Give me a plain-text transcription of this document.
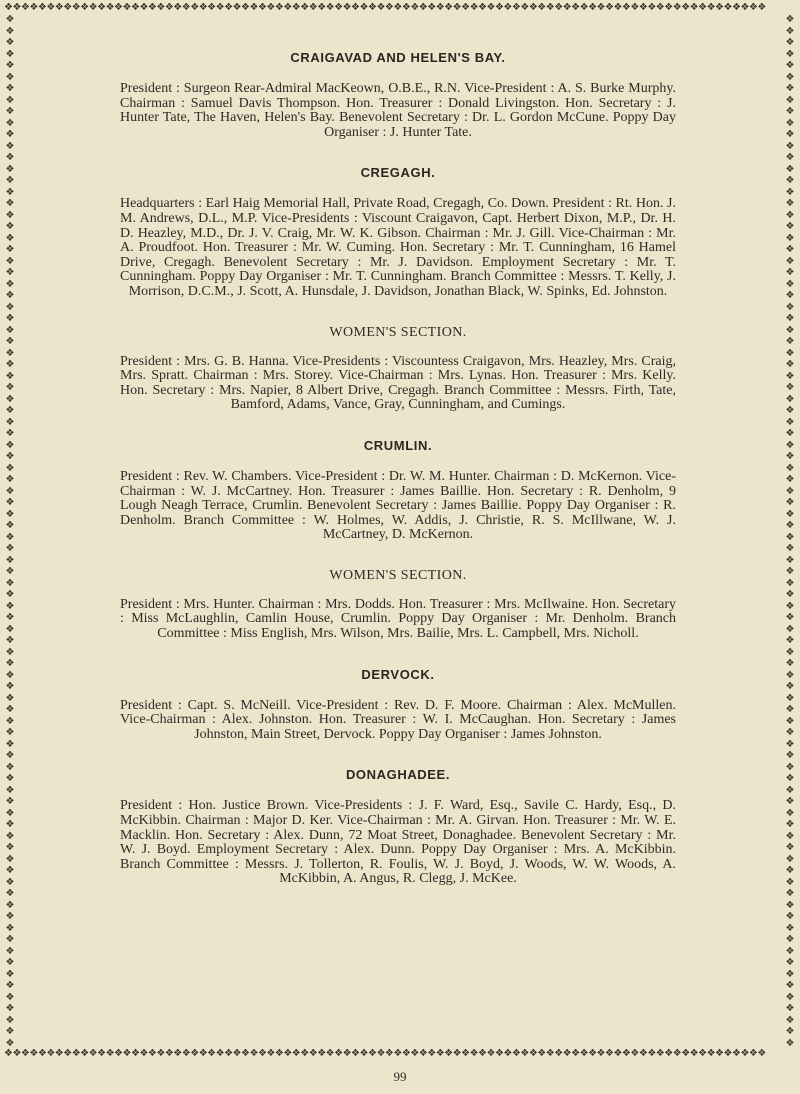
❖❖❖❖❖❖❖❖❖❖❖❖❖❖❖❖❖❖❖❖❖❖❖❖❖❖❖❖❖❖❖❖❖❖❖❖❖❖❖❖❖❖❖❖❖❖❖❖❖❖❖❖❖❖❖❖❖❖❖❖❖❖❖❖❖❖❖❖❖❖❖❖❖❖❖❖❖❖❖❖❖❖❖❖❖❖❖❖❖❖
❖❖❖❖❖❖❖❖❖❖❖❖❖❖❖❖❖❖❖❖❖❖❖❖❖❖❖❖❖❖❖❖❖❖❖❖❖❖❖❖❖❖❖❖❖❖❖❖❖❖❖❖❖❖❖❖❖❖❖❖❖❖❖❖❖❖❖❖❖❖❖❖❖❖❖❖❖❖❖❖❖❖❖❖❖❖❖❖❖❖
❖❖❖❖❖❖❖❖❖❖❖❖❖❖❖❖❖❖❖❖❖❖❖❖❖❖❖❖❖❖❖❖❖❖❖❖❖❖❖❖❖❖❖❖❖❖❖❖❖❖❖❖❖❖❖❖❖❖❖❖❖❖❖❖❖❖❖❖❖❖❖❖❖❖❖❖❖❖❖❖❖❖❖❖❖❖❖❖❖❖
❖❖❖❖❖❖❖❖❖❖❖❖❖❖❖❖❖❖❖❖❖❖❖❖❖❖❖❖❖❖❖❖❖❖❖❖❖❖❖❖❖❖❖❖❖❖❖❖❖❖❖❖❖❖❖❖❖❖❖❖❖❖❖❖❖❖❖❖❖❖❖❖❖❖❖❖❖❖❖❖❖❖❖❖❖❖❖❖❖❖
CRAIGAVAD AND HELEN'S BAY.

President : Surgeon Rear-Admiral MacKeown, O.B.E., R.N. Vice-President : A. S. Burke Murphy. Chairman : Samuel Davis Thompson. Hon. Treasurer : Donald Livingston. Hon. Secretary : J. Hunter Tate, The Haven, Helen's Bay. Benevolent Secretary : Dr. L. Gordon McCune. Poppy Day Organiser : J. Hunter Tate.

CREGAGH.

Headquarters : Earl Haig Memorial Hall, Private Road, Cregagh, Co. Down. President : Rt. Hon. J. M. Andrews, D.L., M.P. Vice-Presidents : Viscount Craigavon, Capt. Herbert Dixon, M.P., Dr. H. D. Heazley, M.D., Dr. J. V. Craig, Mr. W. K. Gibson. Chairman : Mr. J. Gill. Vice-Chairman : Mr. A. Proudfoot. Hon. Treasurer : Mr. W. Cuming. Hon. Secretary : Mr. T. Cunningham, 16 Hamel Drive, Cregagh. Benevolent Secretary : Mr. J. Davidson. Employment Secretary : Mr. T. Cunningham. Poppy Day Organiser : Mr. T. Cunningham. Branch Committee : Messrs. T. Kelly, J. Morrison, D.C.M., J. Scott, A. Hunsdale, J. Davidson, Jonathan Black, W. Spinks, Ed. Johnston.

WOMEN'S SECTION.

President : Mrs. G. B. Hanna. Vice-Presidents : Viscountess Craigavon, Mrs. Heazley, Mrs. Craig, Mrs. Spratt. Chairman : Mrs. Storey. Vice-Chairman : Mrs. Lynas. Hon. Treasurer : Mrs. Kelly. Hon. Secretary : Mrs. Napier, 8 Albert Drive, Cregagh. Branch Committee : Messrs. Firth, Tate, Bamford, Adams, Vance, Gray, Cunningham, and Cumings.

CRUMLIN.

President : Rev. W. Chambers. Vice-President : Dr. W. M. Hunter. Chairman : D. McKernon. Vice-Chairman : W. J. McCartney. Hon. Treasurer : James Baillie. Hon. Secretary : R. Denholm, 9 Lough Neagh Terrace, Crumlin. Benevolent Secretary : James Baillie. Poppy Day Organiser : R. Denholm. Branch Committee : W. Holmes, W. Addis, J. Christie, R. S. McIllwane, W. J. McCartney, D. McKernon.

WOMEN'S SECTION.

President : Mrs. Hunter. Chairman : Mrs. Dodds. Hon. Treasurer : Mrs. McIlwaine. Hon. Secretary : Miss McLaughlin, Camlin House, Crumlin. Poppy Day Organiser : Mr. Denholm. Branch Committee : Miss English, Mrs. Wilson, Mrs. Bailie, Mrs. L. Campbell, Mrs. Nicholl.

DERVOCK.

President : Capt. S. McNeill. Vice-President : Rev. D. F. Moore. Chairman : Alex. McMullen. Vice-Chairman : Alex. Johnston. Hon. Treasurer : W. I. McCaughan. Hon. Secretary : James Johnston, Main Street, Dervock. Poppy Day Organiser : James Johnston.

DONAGHADEE.

President : Hon. Justice Brown. Vice-Presidents : J. F. Ward, Esq., Savile C. Hardy, Esq., D. McKibbin. Chairman : Major D. Ker. Vice-Chairman : Mr. A. Girvan. Hon. Treasurer : Mr. W. E. Macklin. Hon. Secretary : Alex. Dunn, 72 Moat Street, Donaghadee. Benevolent Secretary : Mr. W. J. Boyd. Employment Secretary : Alex. Dunn. Poppy Day Organiser : Mrs. A. McKibbin. Branch Committee : Messrs. J. Tollerton, R. Foulis, W. J. Boyd, J. Woods, W. W. Woods, A. McKibbin, A. Angus, R. Clegg, J. McKee.

99
